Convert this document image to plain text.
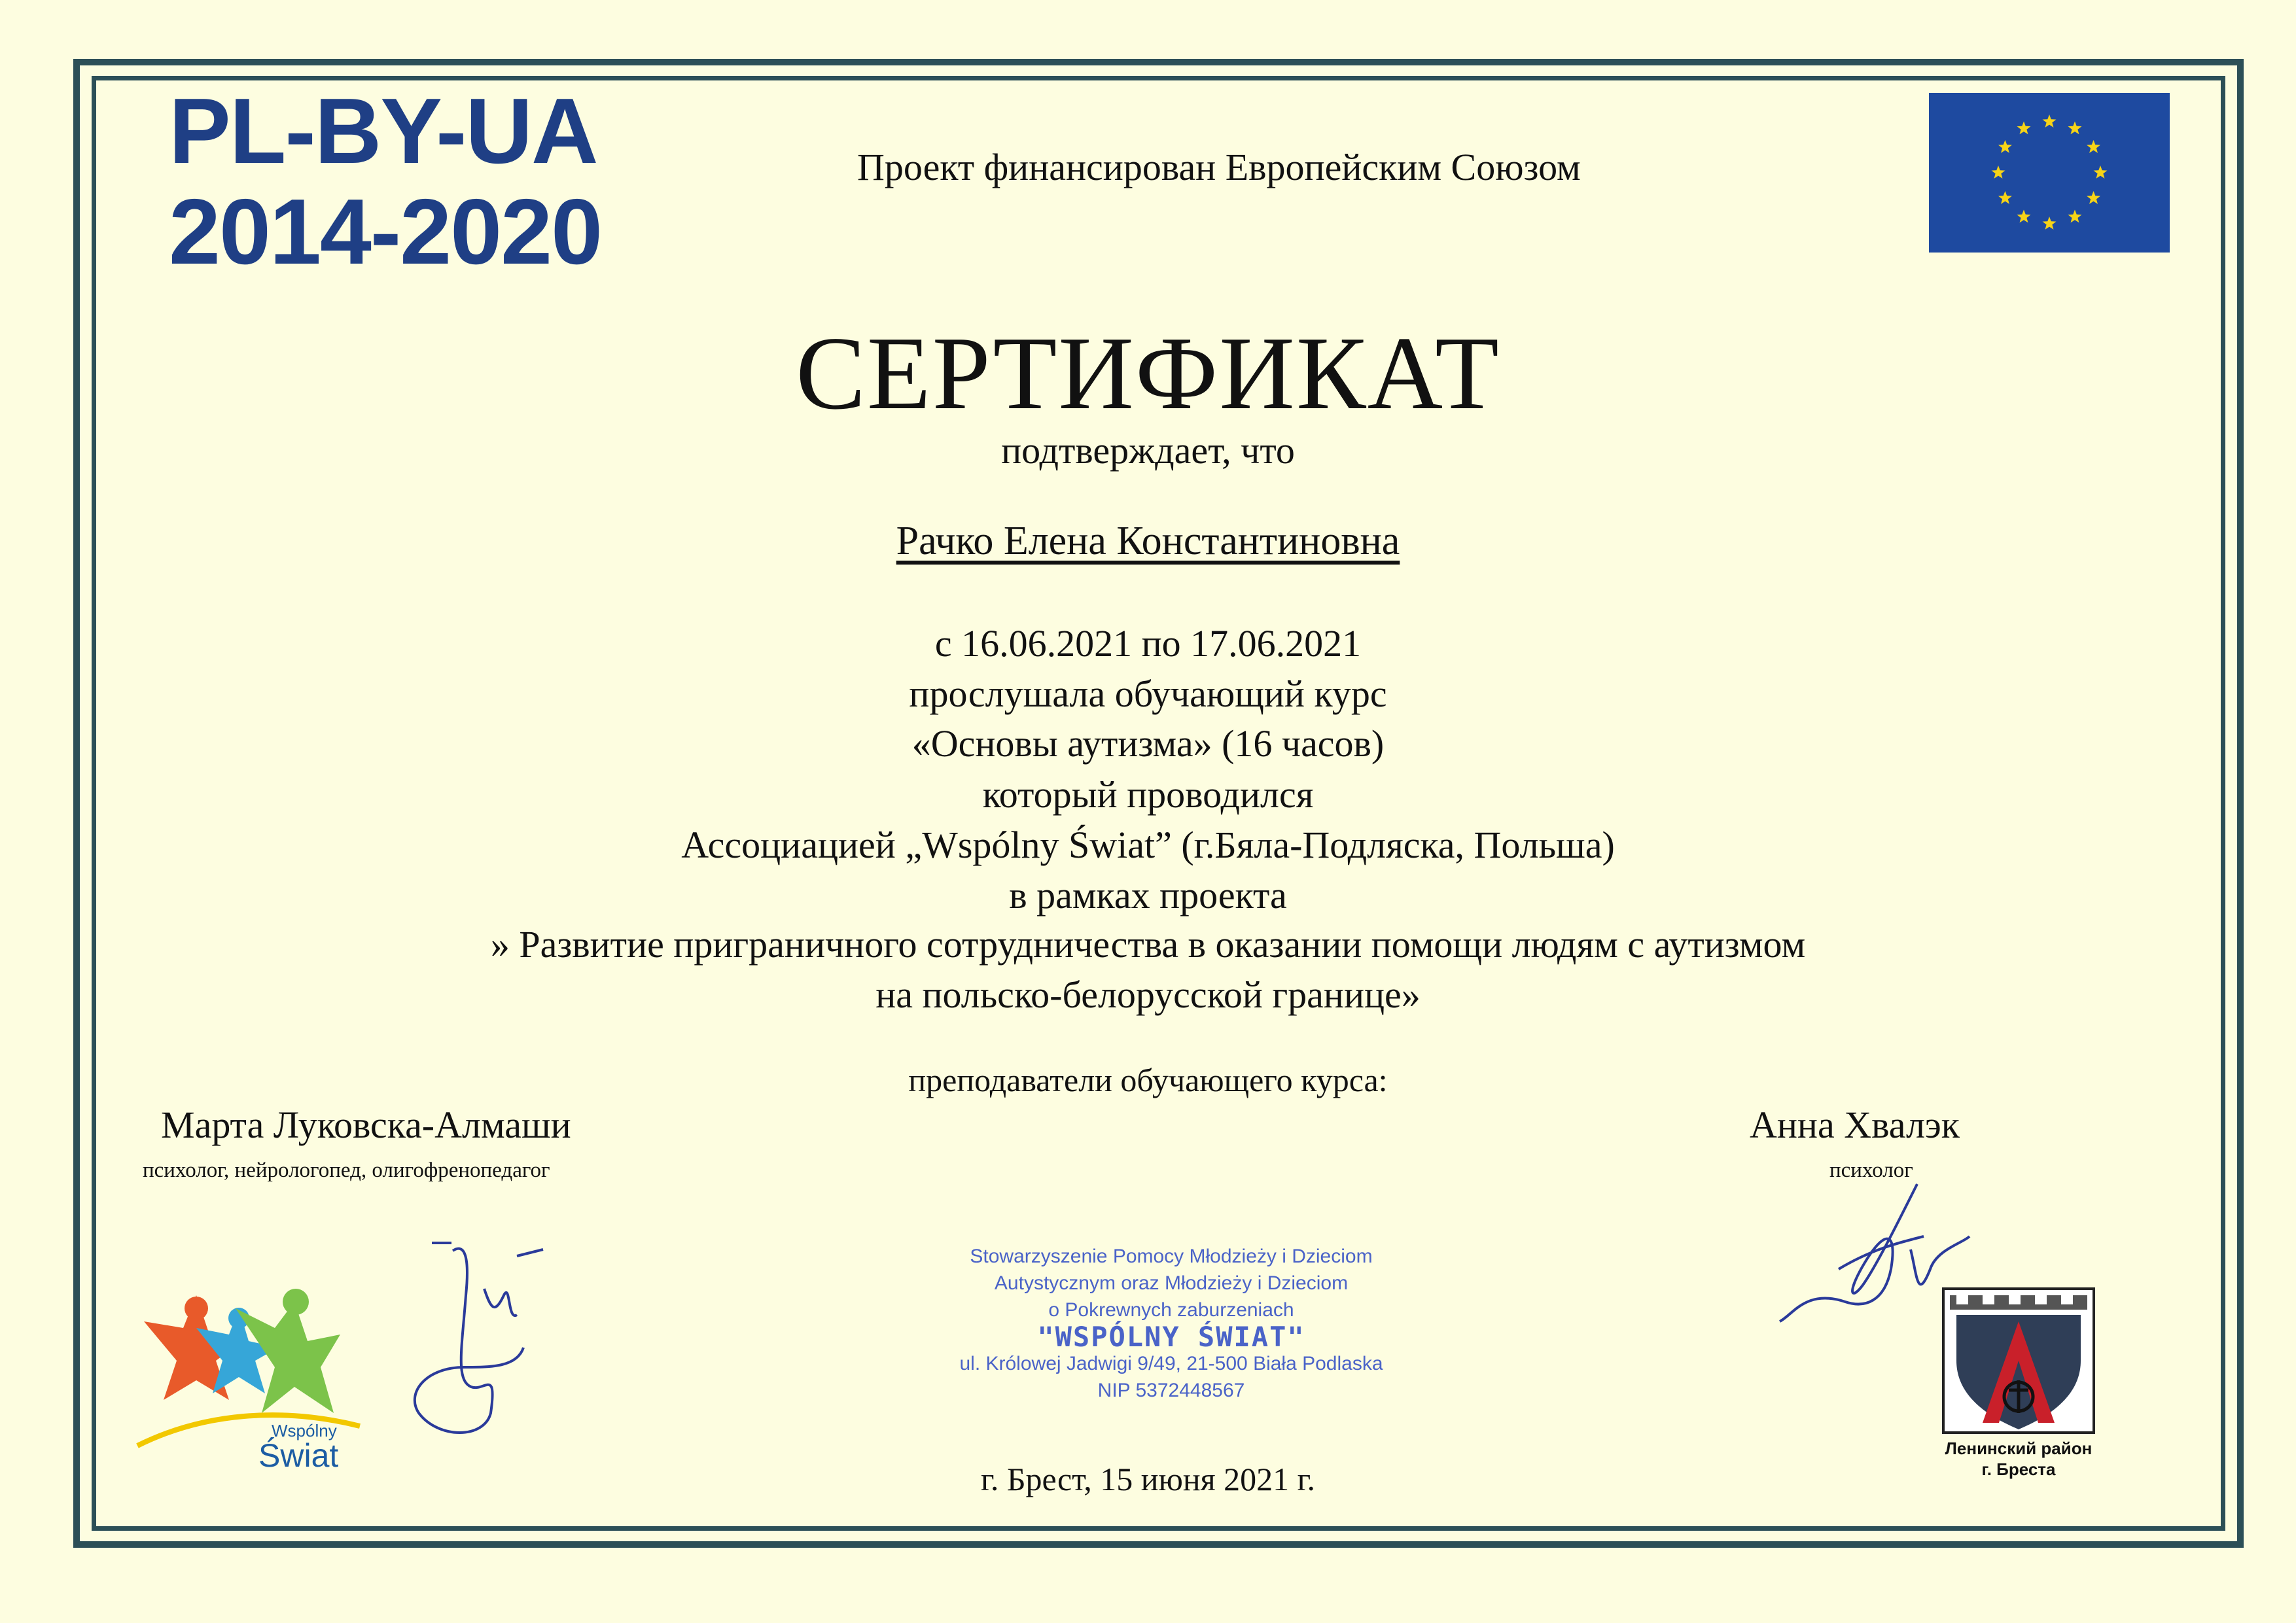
PL-BY-UA
2014-2020
Проект финансирован Европейским Союзом
СЕРТИФИКАТ
подтверждает, что
Рачко Елена Константиновна
с 16.06.2021 по 17.06.2021
прослушала обучающий курс
«Основы аутизма» (16 часов)
который проводился
Ассоциацией „Wspólny Świat” (г.Бяла-Подляска, Польша)
в рамках проекта
» Развитие приграничного сотрудничества в оказании помощи людям с аутизмом
на польско-белорусской границе»
преподаватели обучающего курса:
Марта Луковска-Алмаши
психолог, нейрологопед, олигофренопедагог
Анна Хвалэк
психолог
Stowarzyszenie Pomocy Młodzieży i Dzieciom
Autystycznym oraz Młodzieży i Dzieciom
o Pokrewnych zaburzeniach
"WSPÓLNY ŚWIAT"
ul. Królowej Jadwigi 9/49, 21-500 Biała Podlaska
NIP 5372448567
г. Брест, 15 июня 2021 г.
Wspólny
Świat	Ленинский район
г. Бреста
